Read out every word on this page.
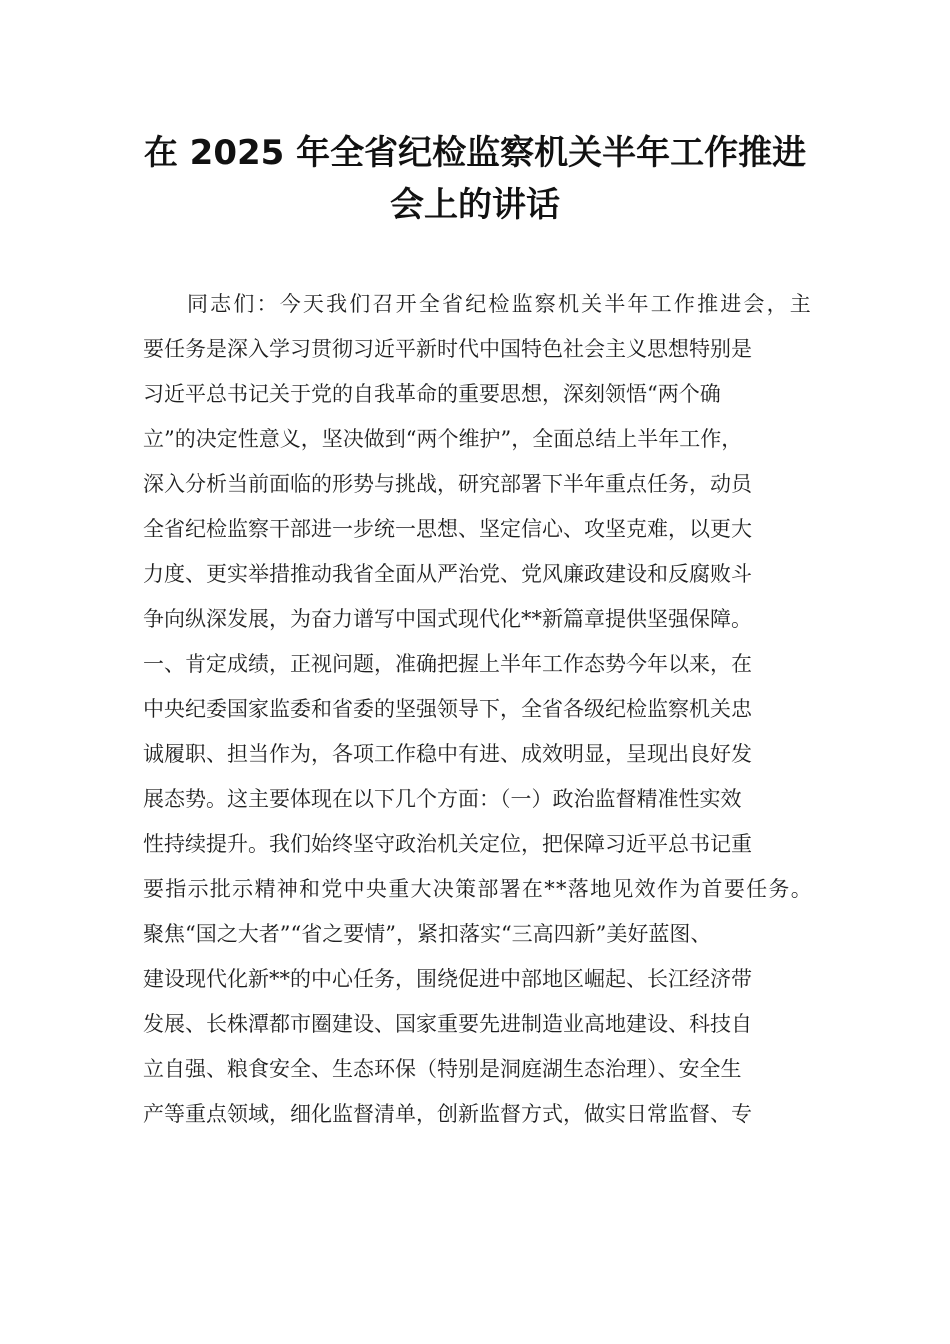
在 2025 年全省纪检监察机关半年工作推进
会上的讲话
同志们：今天我们召开全省纪检监察机关半年工作推进会，主
要任务是深入学习贯彻习近平新时代中国特色社会主义思想特别是
习近平总书记关于党的自我革命的重要思想，深刻领悟“两个确
立”的决定性意义，坚决做到“两个维护”，全面总结上半年工作，
深入分析当前面临的形势与挑战，研究部署下半年重点任务，动员
全省纪检监察干部进一步统一思想、坚定信心、攻坚克难，以更大
力度、更实举措推动我省全面从严治党、党风廉政建设和反腐败斗
争向纵深发展，为奋力谱写中国式现代化**新篇章提供坚强保障。
一、肯定成绩，正视问题，准确把握上半年工作态势今年以来，在
中央纪委国家监委和省委的坚强领导下，全省各级纪检监察机关忠
诚履职、担当作为，各项工作稳中有进、成效明显，呈现出良好发
展态势。这主要体现在以下几个方面：（一）政治监督精准性实效
性持续提升。我们始终坚守政治机关定位，把保障习近平总书记重
要指示批示精神和党中央重大决策部署在**落地见效作为首要任务。
聚焦“国之大者”“省之要情”，紧扣落实“三高四新”美好蓝图、
建设现代化新**的中心任务，围绕促进中部地区崛起、长江经济带
发展、长株潭都市圈建设、国家重要先进制造业高地建设、科技自
立自强、粮食安全、生态环保（特别是洞庭湖生态治理）、安全生
产等重点领域，细化监督清单，创新监督方式，做实日常监督、专
